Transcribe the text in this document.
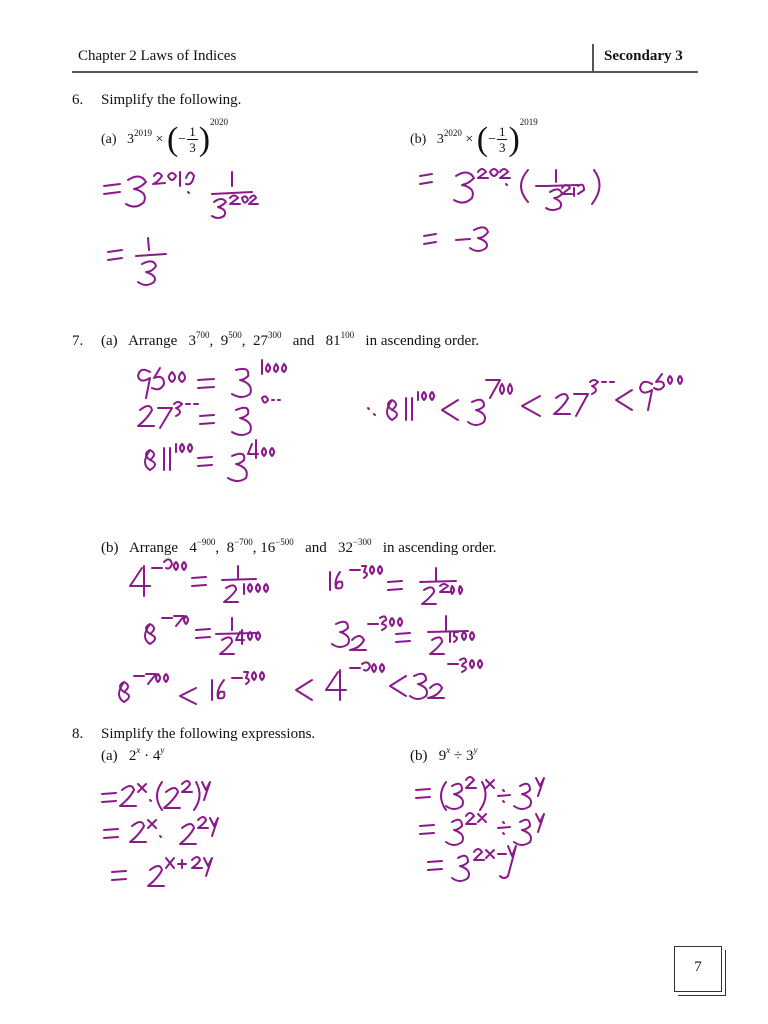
Chapter 2 Laws of Indices	Secondary 3
6. Simplify the following.
(a) $3^{2019}$ × (− $\frac{1}{3} )^{2020}$
(b) $3^{2020}$ × (− $\frac{1}{3} )^{2019}$
7. (a) Arrange $3^{700}$, $9^{500}$, $27^{300}$ and $81^{100}$ in ascending order.
(b) Arrange $4^{-900}$, $8^{-700}$, $16^{-500}$ and $32^{-300}$ in ascending order.
8. Simplify the following expressions.
(a) $2^x \cdot 4^y$	(b) $9^x \div 3^y$
7
